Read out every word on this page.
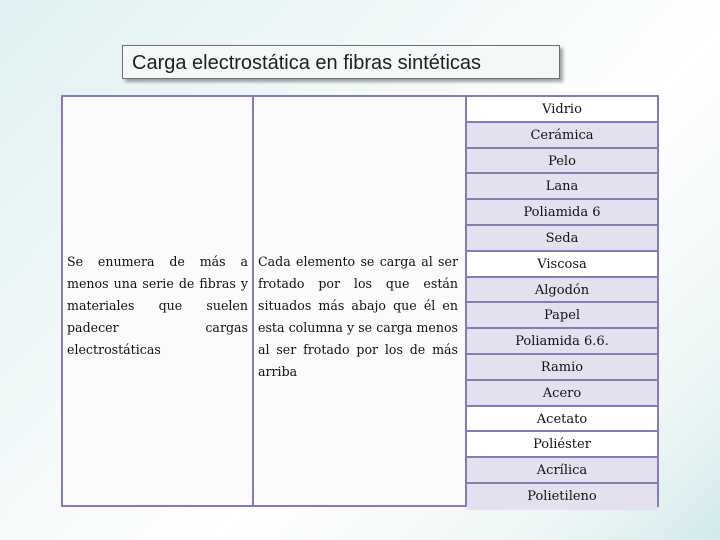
Carga electrostática en fibras sintéticas
Se enumera de más a menos una serie de fibras y materiales que suelen padecer cargas electrostáticas
Cada elemento se carga al ser frotado por los que están situados más abajo que él en esta columna y se carga menos al ser frotado por los de más arriba
Vidrio
Cerámica
Pelo
Lana
Poliamida 6
Seda
Viscosa
Algodón
Papel
Poliamida 6.6.
Ramio
Acero
Acetato
Poliéster
Acrílica
Polietileno
